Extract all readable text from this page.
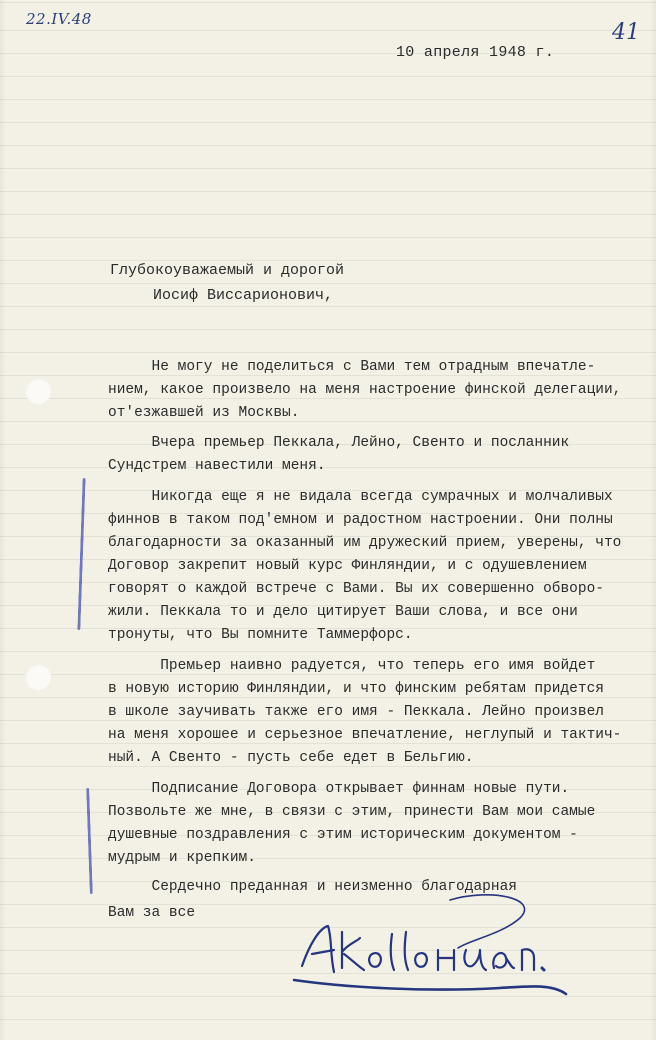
22.IV.48
41
10 апреля 1948 г.
Глубокоуважаемый и дорогой
Иосиф Виссарионович,
Не могу не поделиться с Вами тем отрадным впечатле-
нием, какое произвело на меня настроение финской делегации,
от'езжавшей из Москвы.
Вчера премьер Пеккала, Лейно, Свенто и посланник
Сундстрем навестили меня.
Никогда еще я не видала всегда сумрачных и молчаливых
финнов в таком под'емном и радостном настроении. Они полны
благодарности за оказанный им дружеский прием, уверены, что
Договор закрепит новый курс Финляндии, и с одушевлением
говорят о каждой встрече с Вами. Вы их совершенно обворо-
жили. Пеккала то и дело цитирует Ваши слова, и все они
тронуты, что Вы помните Таммерфорс.
Премьер наивно радуется, что теперь его имя войдет
в новую историю Финляндии, и что финским ребятам придется
в школе заучивать также его имя - Пеккала. Лейно произвел
на меня хорошее и серьезное впечатление, неглупый и тактич-
ный. А Свенто - пусть себе едет в Бельгию.
Подписание Договора открывает финнам новые пути.
Позвольте же мне, в связи с этим, принести Вам мои самые
душевные поздравления с этим историческим документом -
мудрым и крепким.
Сердечно преданная и неизменно благодарная
Вам за все
